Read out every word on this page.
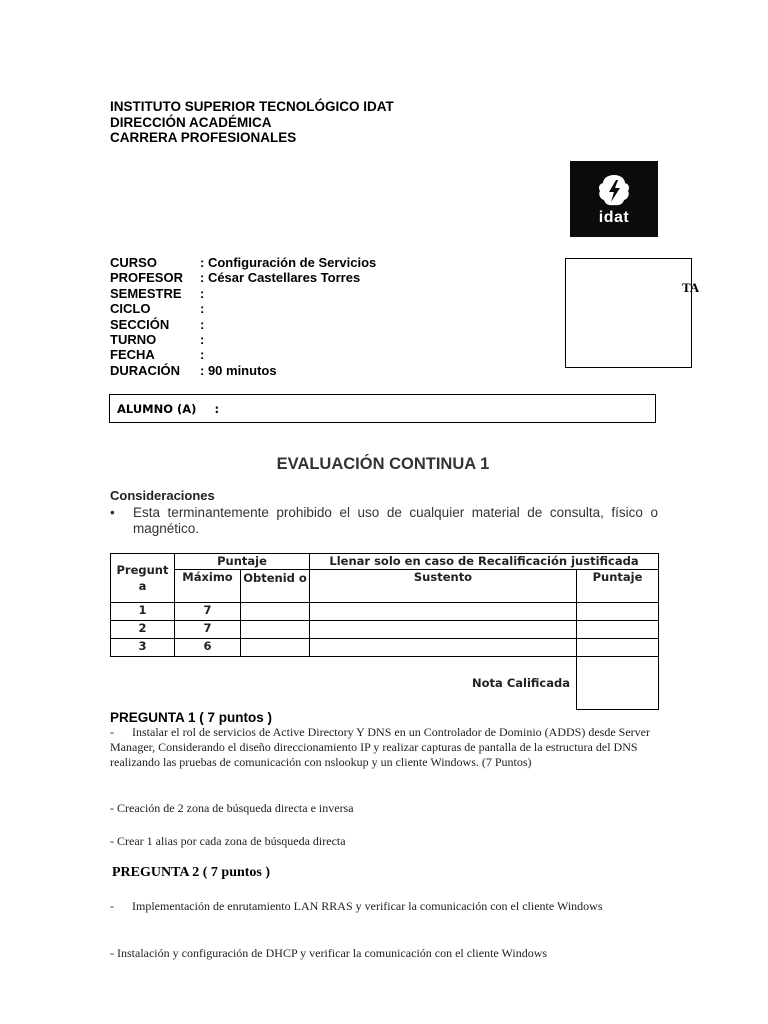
INSTITUTO SUPERIOR TECNOLÓGICO IDAT
DIRECCIÓN ACADÉMICA
CARRERA PROFESIONALES
idat
TA
CURSO	: Configuración de Servicios
PROFESOR : César Castellares Torres
SEMESTRE :
CICLO	:
SECCIÓN :
TURNO	:
FECHA	:
DURACIÓN : 90 minutos
ALUMNO (A) :
EVALUACIÓN CONTINUA 1
Consideraciones
•	Esta terminantemente prohibido el uso de cualquier material de consulta, físico o magnético.
Pregunt a	Puntaje		Llenar solo en caso de Recalificación justificada	
	Máximo	Obtenid o	Sustento	Puntaje
1	7			
2	7			
3	6			
Nota Calificada				
PREGUNTA 1 ( 7 puntos )
- Instalar el rol de servicios de Active Directory Y DNS en un Controlador de Dominio (ADDS) desde Server Manager, Considerando el diseño direccionamiento IP y realizar capturas de pantalla de la estructura del DNS realizando las pruebas de comunicación con nslookup y un cliente Windows. (7 Puntos)
- Creación de 2 zona de búsqueda directa e inversa
- Crear 1 alias por cada zona de búsqueda directa
PREGUNTA 2 ( 7 puntos )
- Implementación de enrutamiento LAN RRAS y verificar la comunicación con el cliente Windows
- Instalación y configuración de DHCP y verificar la comunicación con el cliente Windows
